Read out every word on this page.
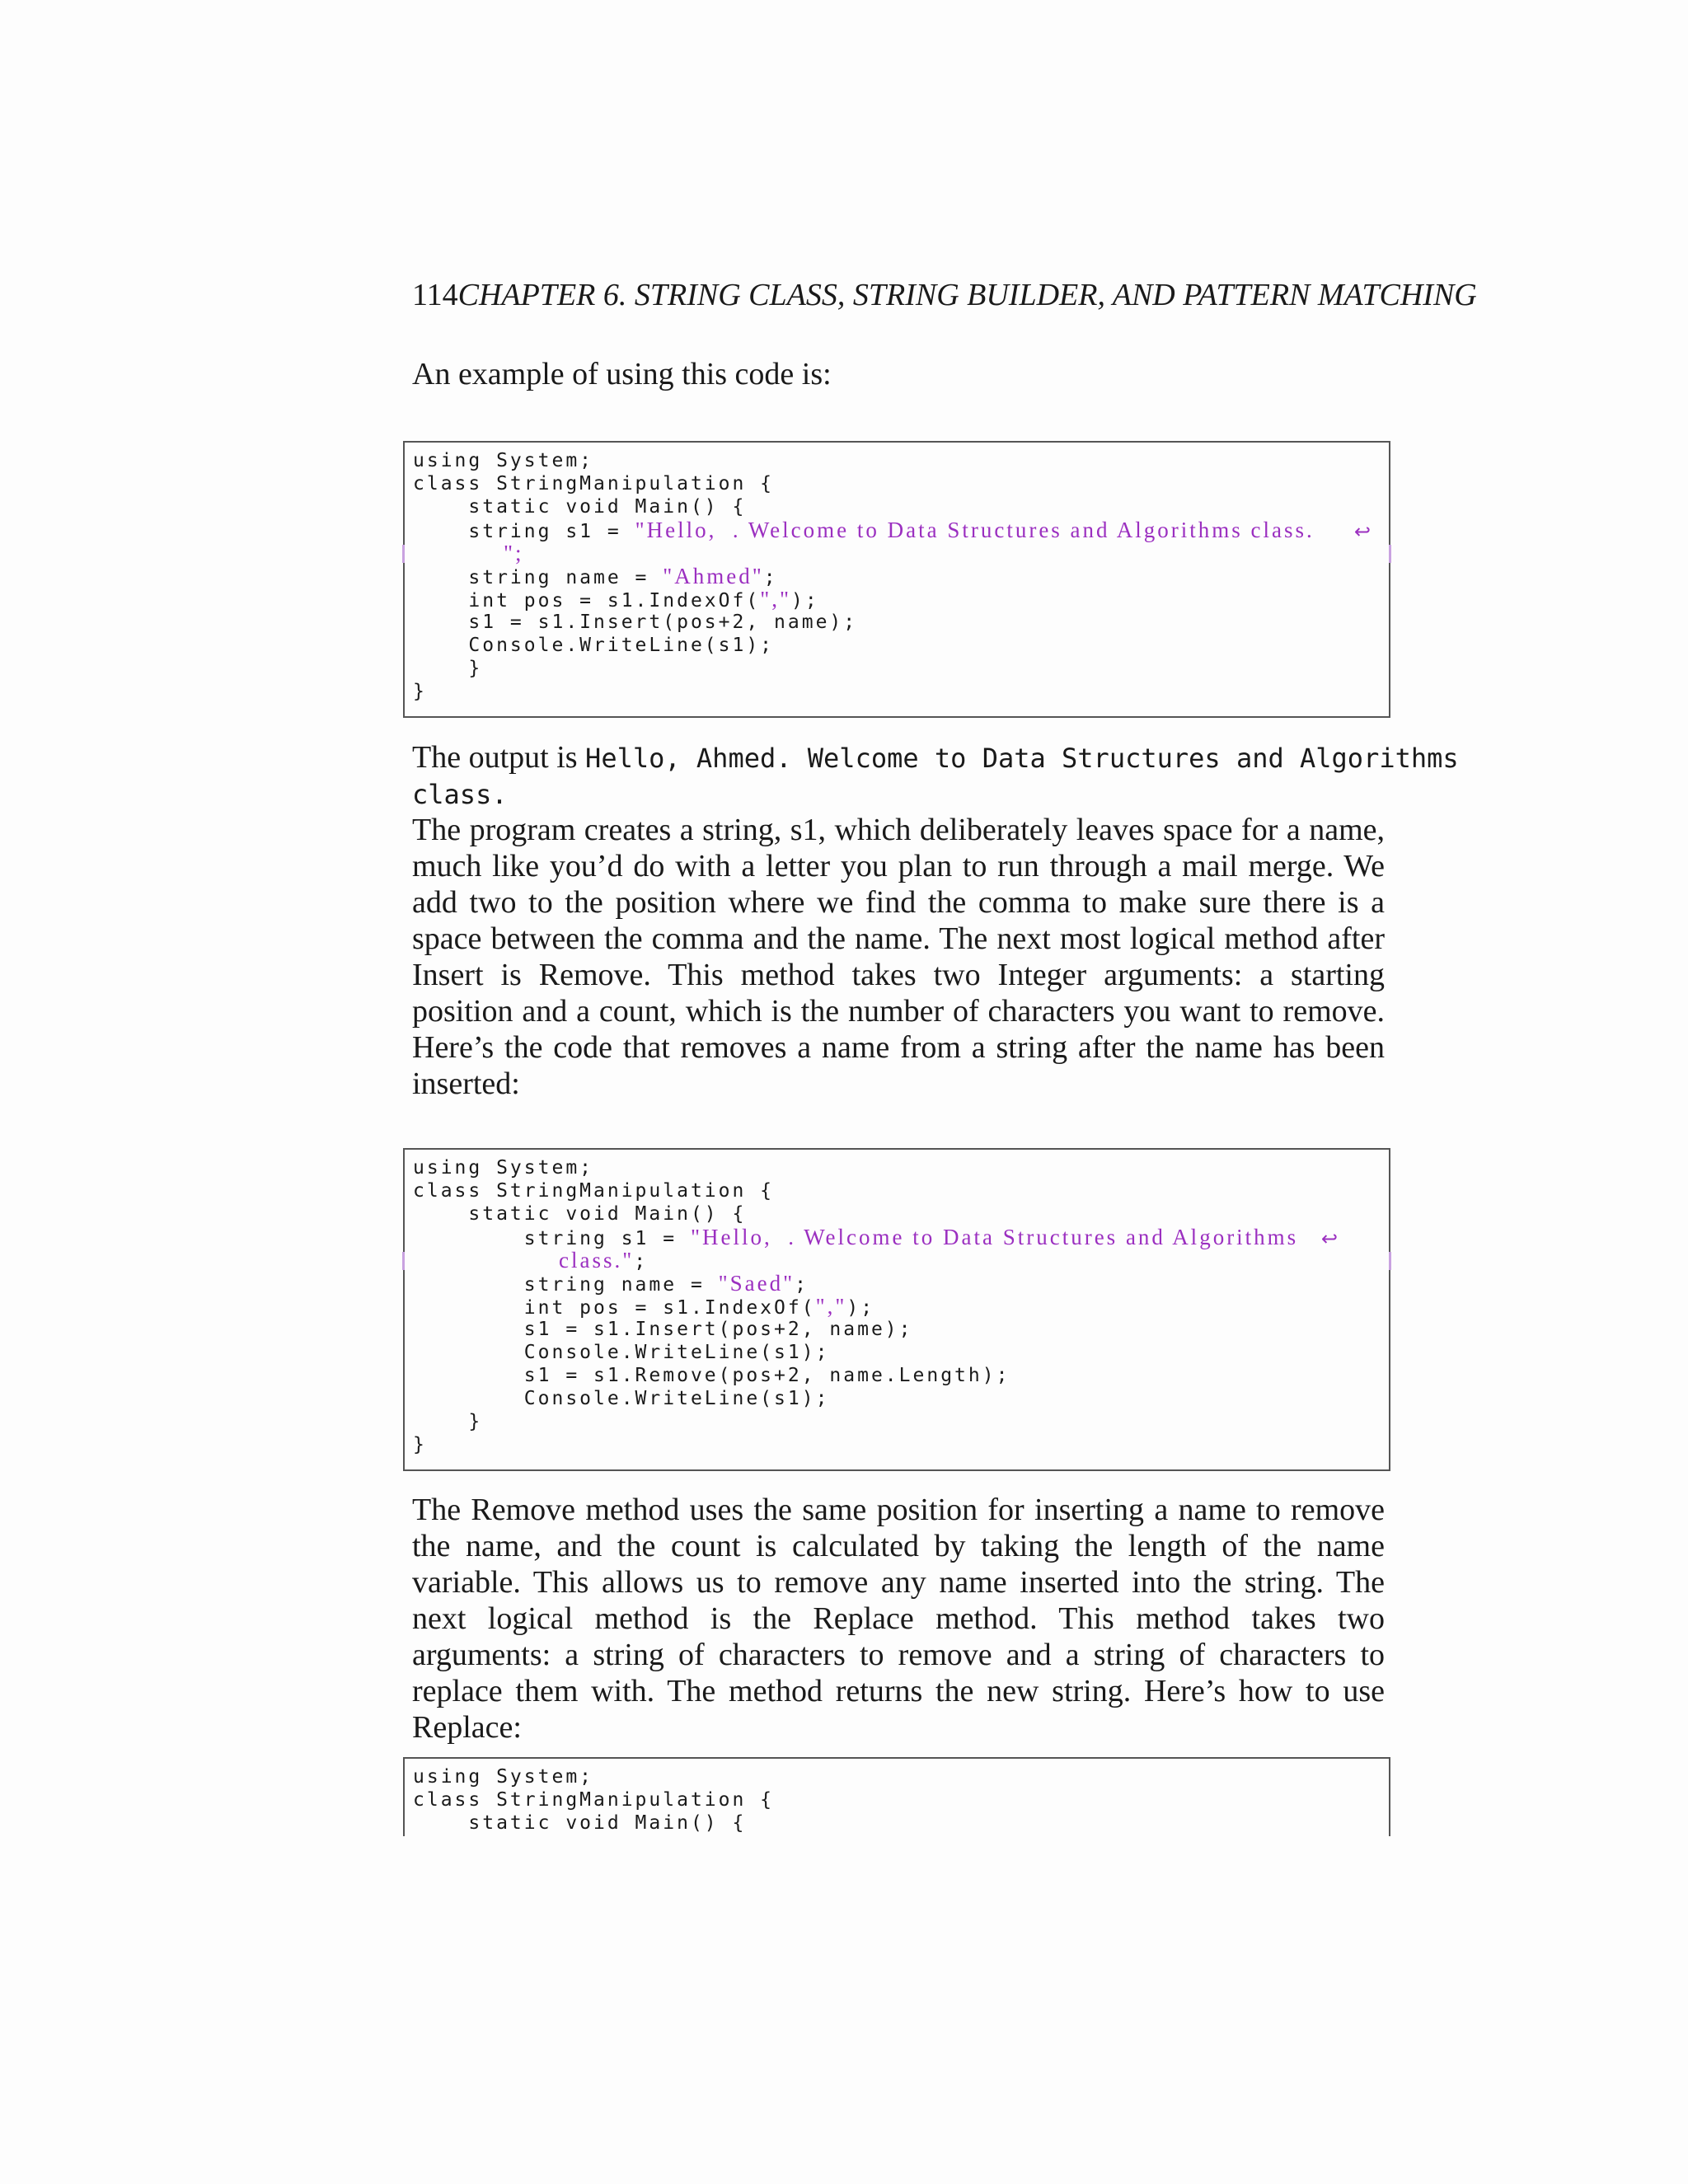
114CHAPTER 6. STRING CLASS, STRING BUILDER, AND PATTERN MATCHING

An example of using this code is:

using System;
class StringManipulation {
static void Main() {
string s1 = "Hello,  . Welcome to Data Structures and Algorithms class. ↩
";
string name = "Ahmed";
int pos = s1.IndexOf(",");
s1 = s1.Insert(pos+2, name);
Console.WriteLine(s1);
}
}
The output is Hello, Ahmed. Welcome to Data Structures and Algorithms
class.

The program creates a string, s1, which deliberately leaves space for a name, much like you’d do with a letter you plan to run through a mail merge. We add two to the position where we find the comma to make sure there is a space between the comma and the name. The next most logical method after Insert is Remove. This method takes two Integer arguments: a starting position and a count, which is the number of characters you want to remove. Here’s the code that removes a name from a string after the name has been inserted:

using System;
class StringManipulation {
static void Main() {
string s1 = "Hello,  . Welcome to Data Structures and Algorithms ↩
class.";
string name = "Saed";
int pos = s1.IndexOf(",");
s1 = s1.Insert(pos+2, name);
Console.WriteLine(s1);
s1 = s1.Remove(pos+2, name.Length);
Console.WriteLine(s1);
}
}

The Remove method uses the same position for inserting a name to remove the name, and the count is calculated by taking the length of the name variable. This allows us to remove any name inserted into the string. The next logical method is the Replace method. This method takes two arguments: a string of characters to remove and a string of characters to replace them with. The method returns the new string. Here’s how to use Replace:

using System;
class StringManipulation {
static void Main() {
